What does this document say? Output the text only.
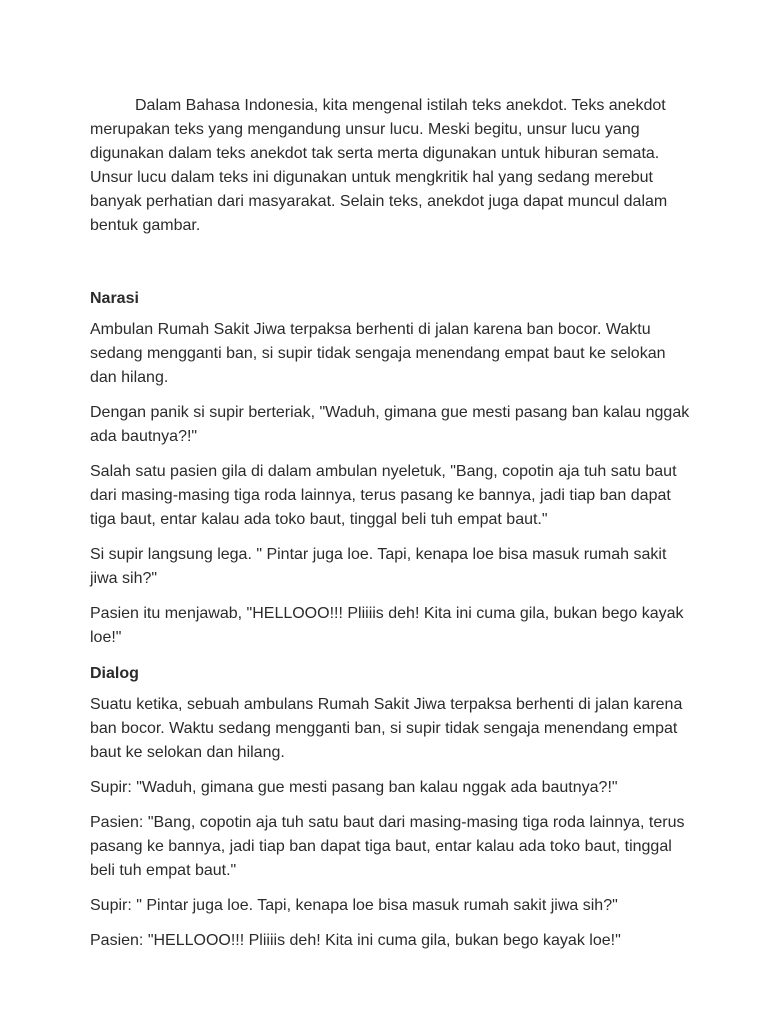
Dalam Bahasa Indonesia, kita mengenal istilah teks anekdot. Teks anekdot merupakan teks yang mengandung unsur lucu. Meski begitu, unsur lucu yang digunakan dalam teks anekdot tak serta merta digunakan untuk hiburan semata. Unsur lucu dalam teks ini digunakan untuk mengkritik hal yang sedang merebut banyak perhatian dari masyarakat. Selain teks, anekdot juga dapat muncul dalam bentuk gambar.

Narasi

Ambulan Rumah Sakit Jiwa terpaksa berhenti di jalan karena ban bocor. Waktu sedang mengganti ban, si supir tidak sengaja menendang empat baut ke selokan dan hilang.

Dengan panik si supir berteriak, "Waduh, gimana gue mesti pasang ban kalau nggak ada bautnya?!"

Salah satu pasien gila di dalam ambulan nyeletuk, "Bang, copotin aja tuh satu baut dari masing-masing tiga roda lainnya, terus pasang ke bannya, jadi tiap ban dapat tiga baut, entar kalau ada toko baut, tinggal beli tuh empat baut."

Si supir langsung lega. " Pintar juga loe. Tapi, kenapa loe bisa masuk rumah sakit jiwa sih?"

Pasien itu menjawab, "HELLOOO!!! Pliiiis deh! Kita ini cuma gila, bukan bego kayak loe!"

Dialog

Suatu ketika, sebuah ambulans Rumah Sakit Jiwa terpaksa berhenti di jalan karena ban bocor. Waktu sedang mengganti ban, si supir tidak sengaja menendang empat baut ke selokan dan hilang.

Supir: "Waduh, gimana gue mesti pasang ban kalau nggak ada bautnya?!"

Pasien: "Bang, copotin aja tuh satu baut dari masing-masing tiga roda lainnya, terus pasang ke bannya, jadi tiap ban dapat tiga baut, entar kalau ada toko baut, tinggal beli tuh empat baut."

Supir: " Pintar juga loe. Tapi, kenapa loe bisa masuk rumah sakit jiwa sih?"

Pasien: "HELLOOO!!! Pliiiis deh! Kita ini cuma gila, bukan bego kayak loe!"
